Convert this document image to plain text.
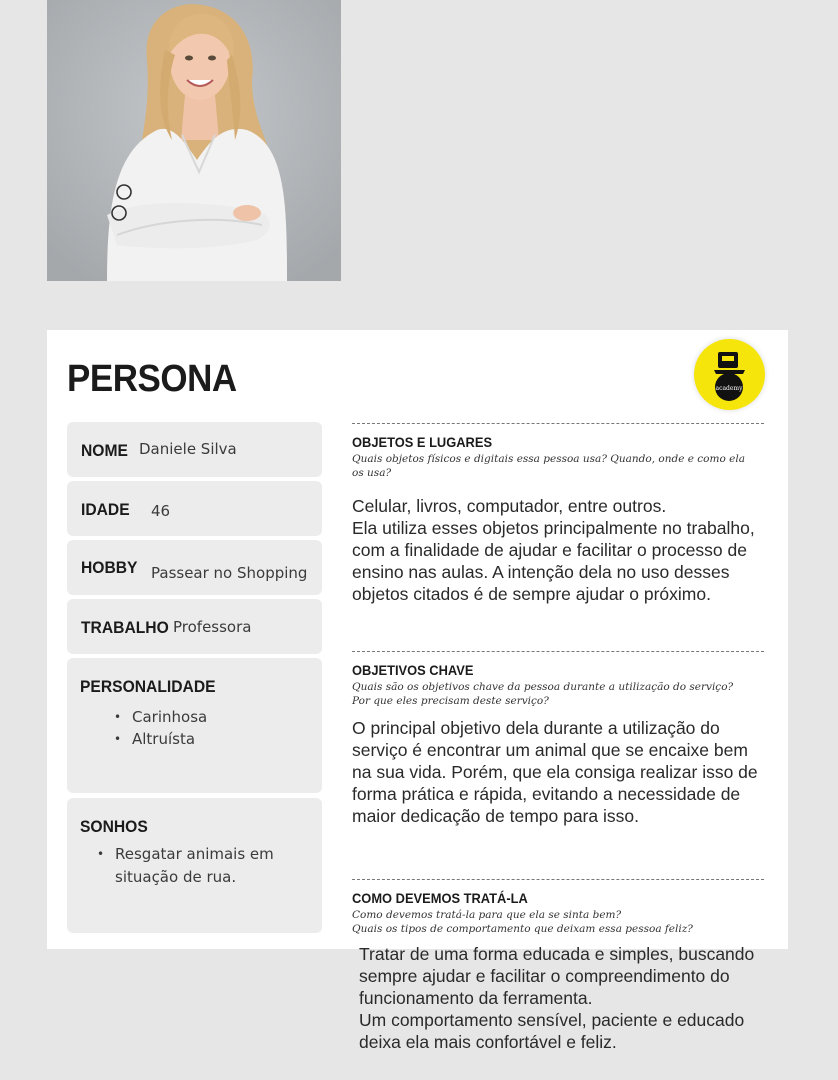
PERSONA	academy
NOME Daniele Silva
IDADE 46
HOBBY Passear no Shopping
TRABALHO Professora
PERSONALIDADE
• Carinhosa
• Altruísta
SONHOS
• Resgatar animais em situação de rua.
OBJETOS E LUGARES
Quais objetos físicos e digitais essa pessoa usa? Quando, onde e como ela os usa?

Celular, livros, computador, entre outros.
Ela utiliza esses objetos principalmente no trabalho, com a finalidade de ajudar e facilitar o processo de ensino nas aulas. A intenção dela no uso desses objetos citados é de sempre ajudar o próximo.

OBJETIVOS CHAVE
Quais são os objetivos chave da pessoa durante a utilização do serviço? Por que eles precisam deste serviço?

O principal objetivo dela durante a utilização do serviço é encontrar um animal que se encaixe bem na sua vida. Porém, que ela consiga realizar isso de forma prática e rápida, evitando a necessidade de maior dedicação de tempo para isso.

COMO DEVEMOS TRATÁ-LA
Como devemos tratá-la para que ela se sinta bem?
Quais os tipos de comportamento que deixam essa pessoa feliz?

Tratar de uma forma educada e simples, buscando sempre ajudar e facilitar o compreendimento do funcionamento da ferramenta.
Um comportamento sensível, paciente e educado deixa ela mais confortável e feliz.
